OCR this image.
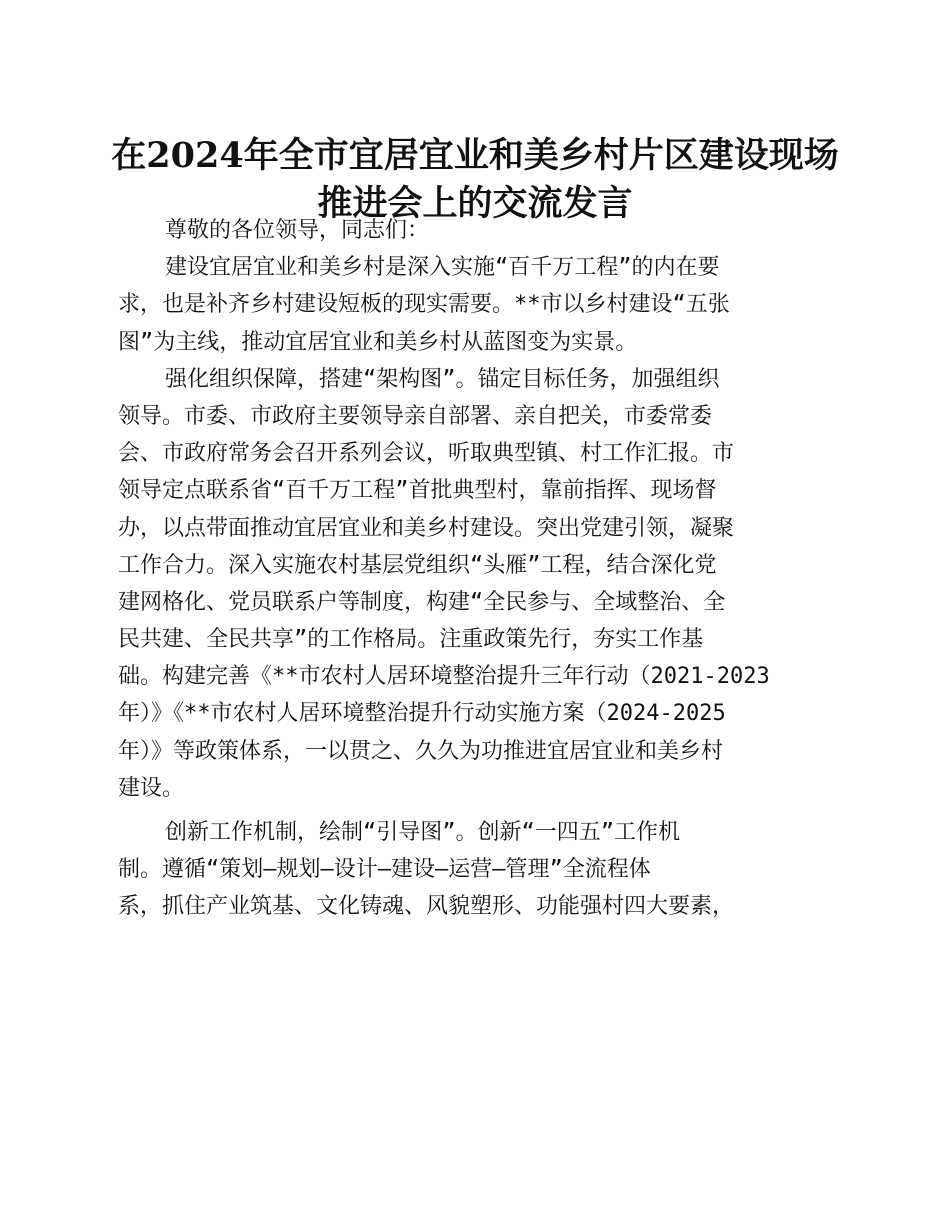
在2024年全市宜居宜业和美乡村片区建设现场
推进会上的交流发言
尊敬的各位领导，同志们：
建设宜居宜业和美乡村是深入实施“百千万工程”的内在要
求，也是补齐乡村建设短板的现实需要。**市以乡村建设“五张
图”为主线，推动宜居宜业和美乡村从蓝图变为实景。
强化组织保障，搭建“架构图”。锚定目标任务，加强组织
领导。市委、市政府主要领导亲自部署、亲自把关，市委常委
会、市政府常务会召开系列会议，听取典型镇、村工作汇报。市
领导定点联系省“百千万工程”首批典型村，靠前指挥、现场督
办，以点带面推动宜居宜业和美乡村建设。突出党建引领，凝聚
工作合力。深入实施农村基层党组织“头雁”工程，结合深化党
建网格化、党员联系户等制度，构建“全民参与、全域整治、全
民共建、全民共享”的工作格局。注重政策先行，夯实工作基
础。构建完善《**市农村人居环境整治提升三年行动（2021-2023
年）》《**市农村人居环境整治提升行动实施方案（2024-2025
年）》等政策体系，一以贯之、久久为功推进宜居宜业和美乡村
建设。
创新工作机制，绘制“引导图”。创新“一四五”工作机
制。遵循“策划—规划—设计—建设—运营—管理”全流程体
系，抓住产业筑基、文化铸魂、风貌塑形、功能强村四大要素，
